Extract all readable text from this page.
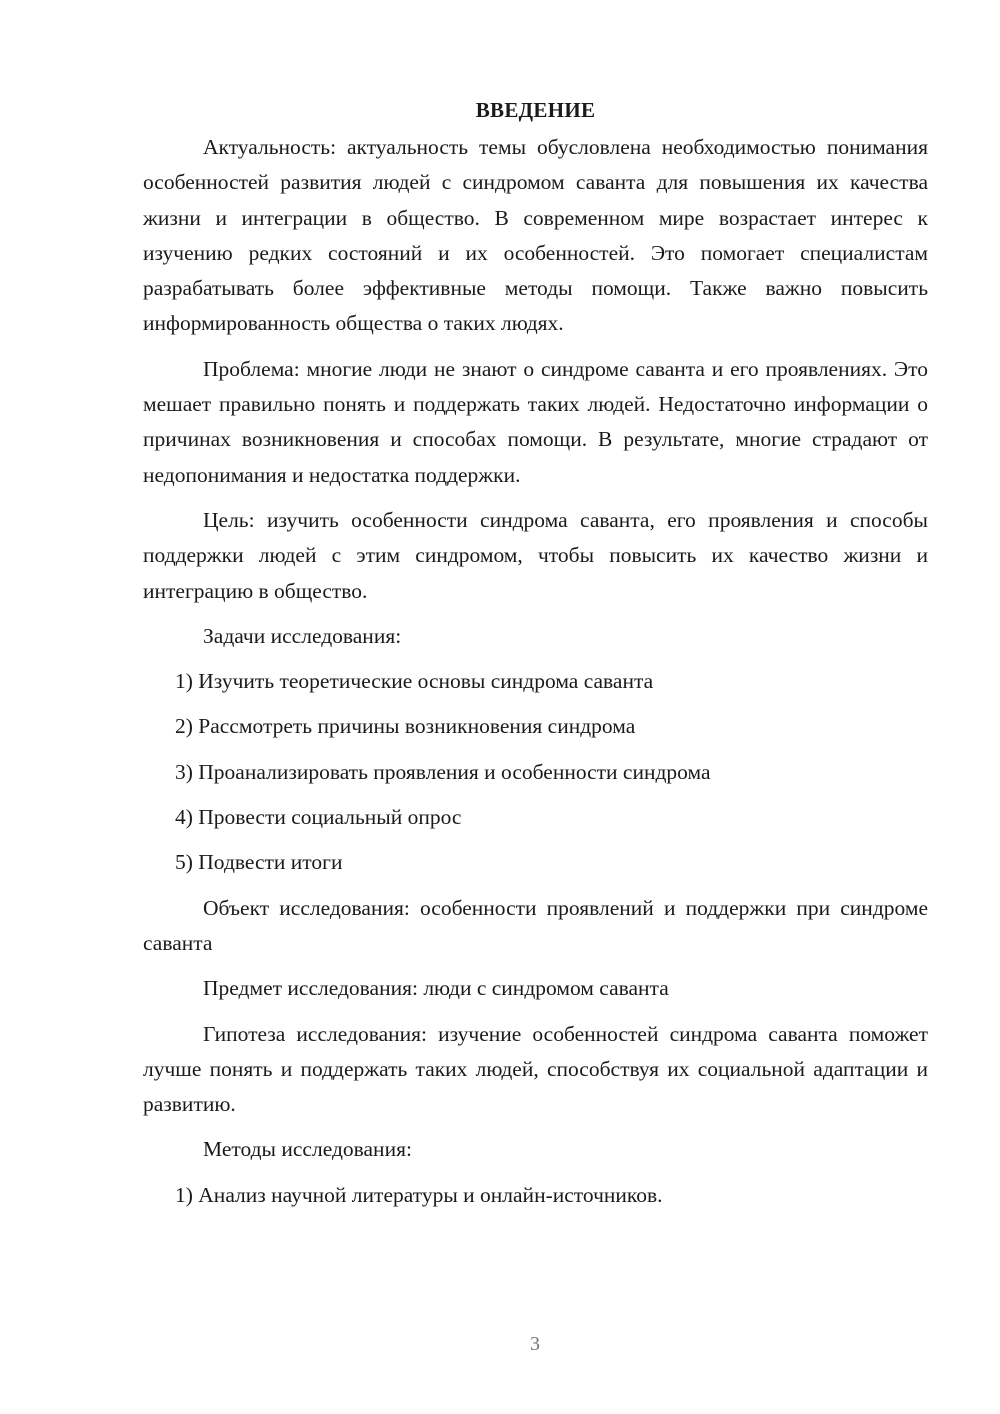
ВВЕДЕНИЕ

Актуальность: актуальность темы обусловлена необходимостью понимания особенностей развития людей с синдромом саванта для повышения их качества жизни и интеграции в общество. В современном мире возрастает интерес к изучению редких состояний и их особенностей. Это помогает специалистам разрабатывать более эффективные методы помощи. Также важно повысить информированность общества о таких людях.

Проблема: многие люди не знают о синдроме саванта и его проявлениях. Это мешает правильно понять и поддержать таких людей. Недостаточно информации о причинах возникновения и способах помощи. В результате, многие страдают от недопонимания и недостатка поддержки.

Цель: изучить особенности синдрома саванта, его проявления и способы поддержки людей с этим синдромом, чтобы повысить их качество жизни и интеграцию в общество.

Задачи исследования:

1) Изучить теоретические основы синдрома саванта

2) Рассмотреть причины возникновения синдрома

3) Проанализировать проявления и особенности синдрома

4) Провести социальный опрос

5) Подвести итоги

Объект исследования: особенности проявлений и поддержки при синдроме саванта

Предмет исследования: люди с синдромом саванта

Гипотеза исследования: изучение особенностей синдрома саванта поможет лучше понять и поддержать таких людей, способствуя их социальной адаптации и развитию.

Методы исследования:

1) Анализ научной литературы и онлайн-источников.

3
